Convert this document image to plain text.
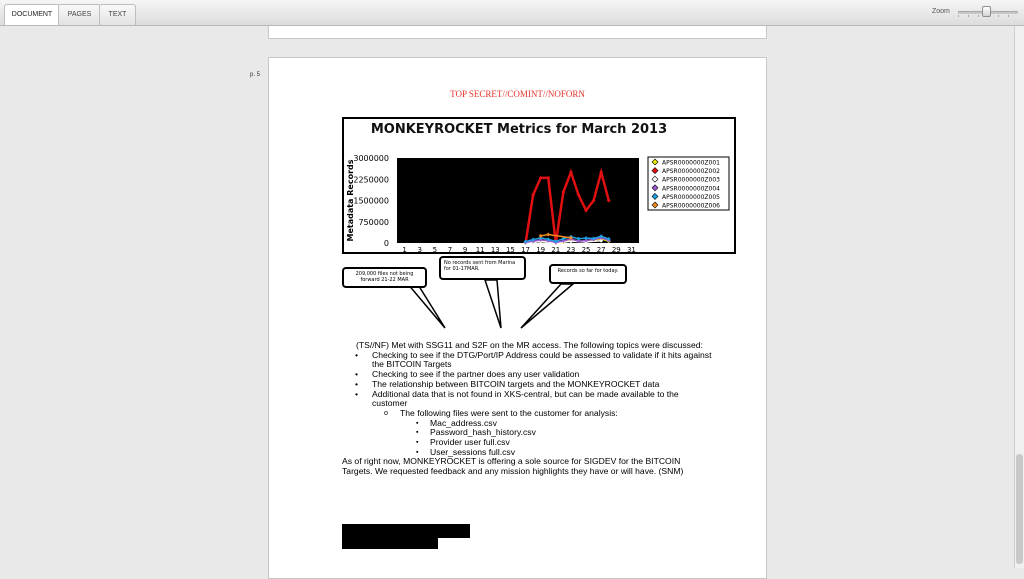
DOCUMENT	PAGES	TEXT	Zoom
p. 5
TOP SECRET//COMINT//NOFORN
MONKEYROCKET Metrics for March 2013
0
750000
1500000
2250000
3000000
1 3 5 7 9 11 13 15 17 19 21 23 25 27 29 31
Metadata Records	APSR0000000Z001
APSR0000000Z002
APSR0000000Z003
APSR0000000Z004
APSR0000000Z005
APSR0000000Z006
209,000 files not being forward 21-22 MAR
No records sent from Marina for 01-17MAR.	Records so far for today.

(TS//NF) Met with SSG11 and S2F on the MR access. The following topics were discussed:

• Checking to see if the DTG/Port/IP Address could be assessed to validate if it hits against the BITCOIN Targets
• Checking to see if the partner does any user validation
• The relationship between BITCOIN targets and the MONKEYROCKET data
• Additional data that is not found in XKS-central, but can be made available to the customer
o The following files were sent to the customer for analysis:
▪ Mac_address.csv
▪ Password_hash_history.csv
▪ Provider user full.csv
▪ User_sessions full.csv

As of right now, MONKEYROCKET is offering a sole source for SIGDEV for the BITCOIN Targets. We requested feedback and any mission highlights they have or will have. (SNM)
